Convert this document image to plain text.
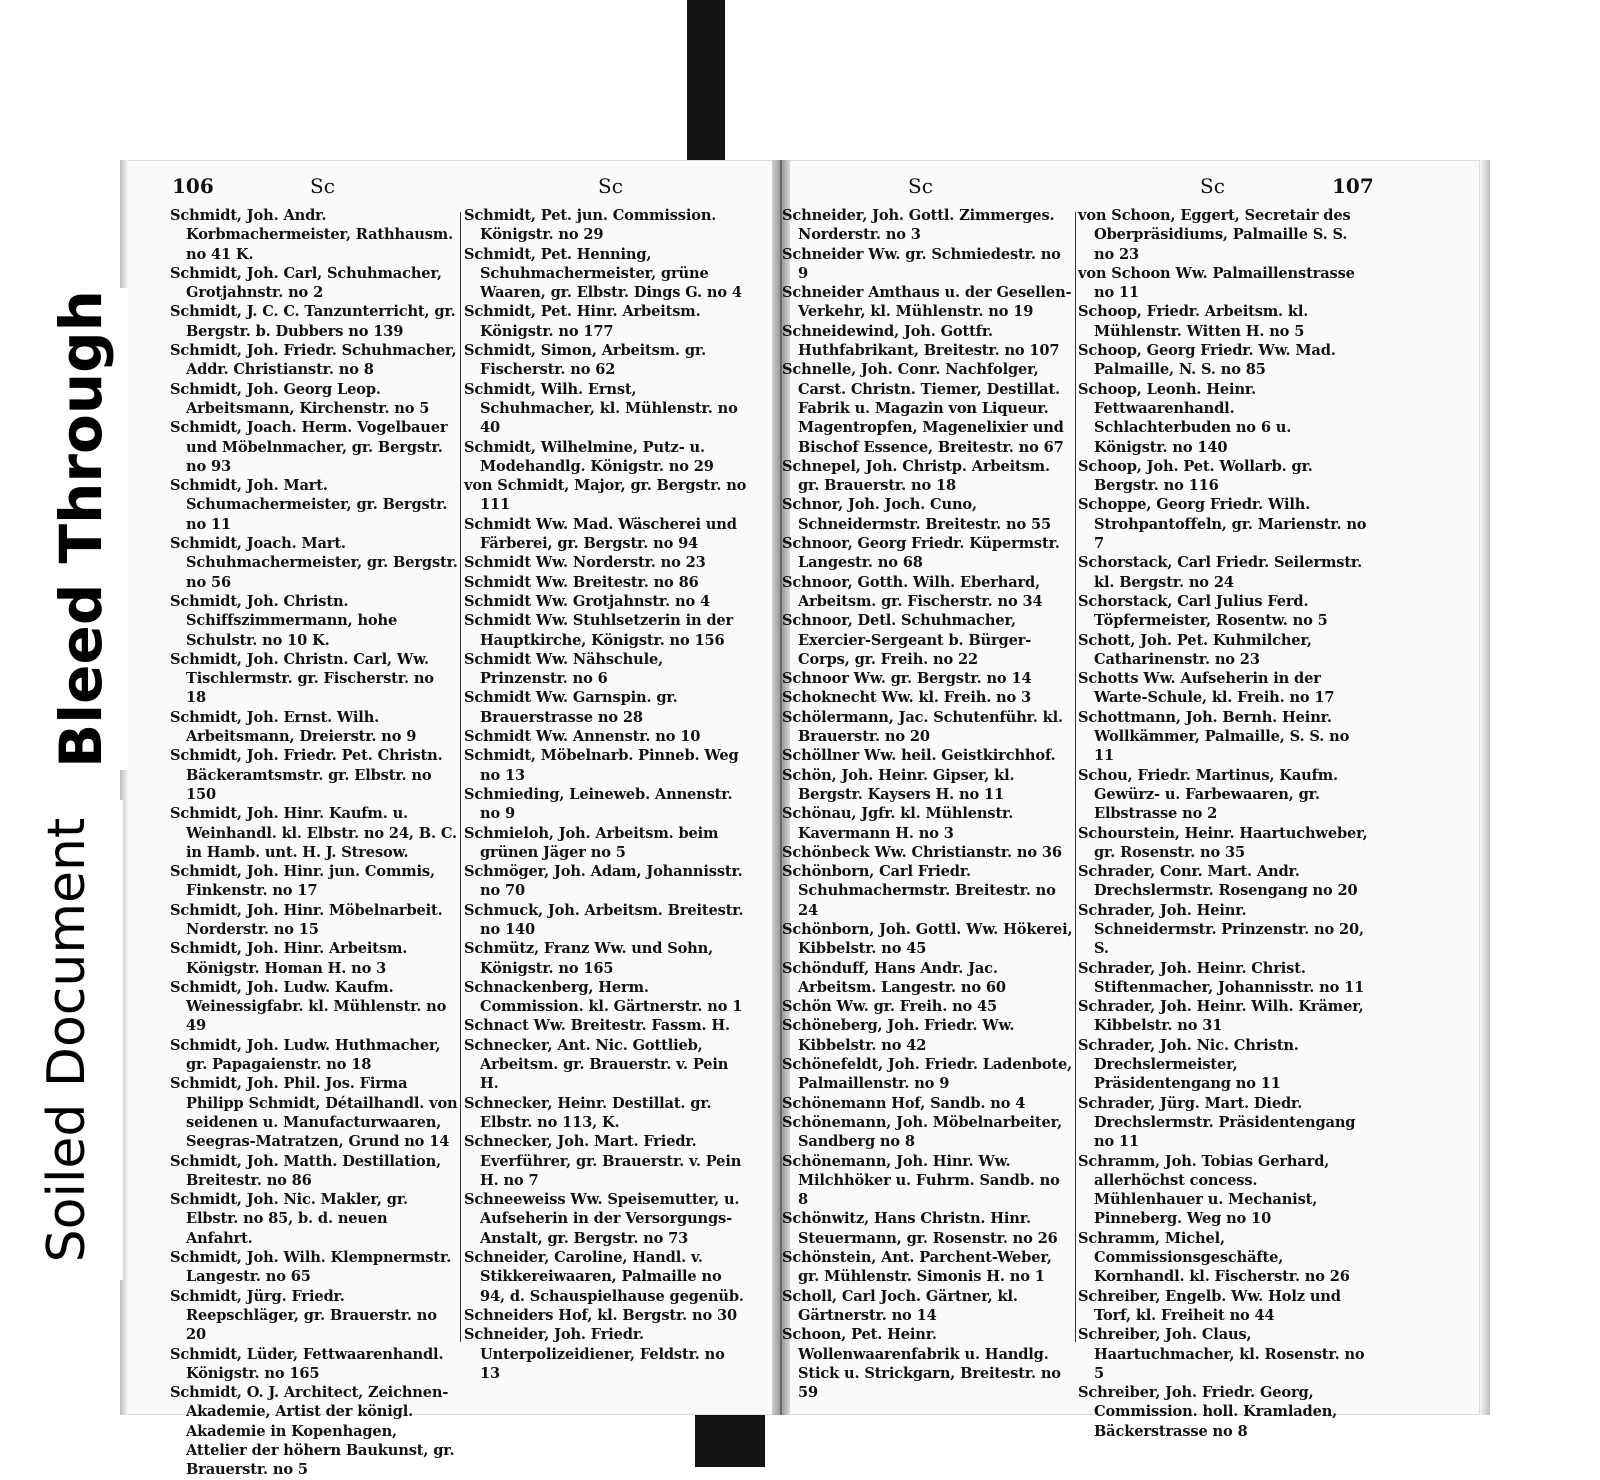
106	Sc	Sc
Schmidt, Joh. Andr. Korbmachermeister, Rathhausm. no 41 K.
Schmidt, Joh. Carl, Schuhmacher, Grotjahnstr. no 2
Schmidt, J. C. C. Tanzunterricht, gr. Bergstr. b. Dubbers no 139
Schmidt, Joh. Friedr. Schuhmacher, Addr. Christianstr. no 8
Schmidt, Joh. Georg Leop. Arbeitsmann, Kirchenstr. no 5
Schmidt, Joach. Herm. Vogelbauer und Möbelnmacher, gr. Bergstr. no 93
Schmidt, Joh. Mart. Schumachermeister, gr. Bergstr. no 11
Schmidt, Joach. Mart. Schuhmachermeister, gr. Bergstr. no 56
Schmidt, Joh. Christn. Schiffszimmermann, hohe Schulstr. no 10 K.
Schmidt, Joh. Christn. Carl, Ww. Tischlermstr. gr. Fischerstr. no 18
Schmidt, Joh. Ernst. Wilh. Arbeitsmann, Dreierstr. no 9
Schmidt, Joh. Friedr. Pet. Christn. Bäckeramtsmstr. gr. Elbstr. no 150
Schmidt, Joh. Hinr. Kaufm. u. Weinhandl. kl. Elbstr. no 24, B. C. in Hamb. unt. H. J. Stresow.
Schmidt, Joh. Hinr. jun. Commis, Finkenstr. no 17
Schmidt, Joh. Hinr. Möbelnarbeit. Norderstr. no 15
Schmidt, Joh. Hinr. Arbeitsm. Königstr. Homan H. no 3
Schmidt, Joh. Ludw. Kaufm. Weinessigfabr. kl. Mühlenstr. no 49
Schmidt, Joh. Ludw. Huthmacher, gr. Papagaienstr. no 18
Schmidt, Joh. Phil. Jos. Firma Philipp Schmidt, Détailhandl. von seidenen u. Manufacturwaaren, Seegras-Matratzen, Grund no 14
Schmidt, Joh. Matth. Destillation, Breitestr. no 86
Schmidt, Joh. Nic. Makler, gr. Elbstr. no 85, b. d. neuen Anfahrt.
Schmidt, Joh. Wilh. Klempnermstr. Langestr. no 65
Schmidt, Jürg. Friedr. Reepschläger, gr. Brauerstr. no 20
Schmidt, Lüder, Fettwaarenhandl. Königstr. no 165
Schmidt, O. J. Architect, Zeichnen-Akademie, Artist der königl. Akademie in Kopenhagen, Attelier der höhern Baukunst, gr. Brauerstr. no 5
Schmidt, Pet. jun. Commission. Königstr. no 29
Schmidt, Pet. Henning, Schuhmachermeister, grüne Waaren, gr. Elbstr. Dings G. no 4
Schmidt, Pet. Hinr. Arbeitsm. Königstr. no 177
Schmidt, Simon, Arbeitsm. gr. Fischerstr. no 62
Schmidt, Wilh. Ernst, Schuhmacher, kl. Mühlenstr. no 40
Schmidt, Wilhelmine, Putz- u. Modehandlg. Königstr. no 29
von Schmidt, Major, gr. Bergstr. no 111
Schmidt Ww. Mad. Wäscherei und Färberei, gr. Bergstr. no 94
Schmidt Ww. Norderstr. no 23
Schmidt Ww. Breitestr. no 86
Schmidt Ww. Grotjahnstr. no 4
Schmidt Ww. Stuhlsetzerin in der Hauptkirche, Königstr. no 156
Schmidt Ww. Nähschule, Prinzenstr. no 6
Schmidt Ww. Garnspin. gr. Brauerstrasse no 28
Schmidt Ww. Annenstr. no 10
Schmidt, Möbelnarb. Pinneb. Weg no 13
Schmieding, Leineweb. Annenstr. no 9
Schmieloh, Joh. Arbeitsm. beim grünen Jäger no 5
Schmöger, Joh. Adam, Johannisstr. no 70
Schmuck, Joh. Arbeitsm. Breitestr. no 140
Schmütz, Franz Ww. und Sohn, Königstr. no 165
Schnackenberg, Herm. Commission. kl. Gärtnerstr. no 1
Schnact Ww. Breitestr. Fassm. H.
Schnecker, Ant. Nic. Gottlieb, Arbeitsm. gr. Brauerstr. v. Pein H.
Schnecker, Heinr. Destillat. gr. Elbstr. no 113, K.
Schnecker, Joh. Mart. Friedr. Everführer, gr. Brauerstr. v. Pein H. no 7
Schneeweiss Ww. Speisemutter, u. Aufseherin in der Versorgungs-Anstalt, gr. Bergstr. no 73
Schneider, Caroline, Handl. v. Stikkereiwaaren, Palmaille no 94, d. Schauspielhause gegenüb.
Schneiders Hof, kl. Bergstr. no 30
Schneider, Joh. Friedr. Unterpolizeidiener, Feldstr. no 13
Sc	Sc	107
Schneider, Joh. Gottl. Zimmerges. Norderstr. no 3
Schneider Ww. gr. Schmiedestr. no 9
Schneider Amthaus u. der Gesellen-Verkehr, kl. Mühlenstr. no 19
Schneidewind, Joh. Gottfr. Huthfabrikant, Breitestr. no 107
Schnelle, Joh. Conr. Nachfolger, Carst. Christn. Tiemer, Destillat. Fabrik u. Magazin von Liqueur. Magentropfen, Magenelixier und Bischof Essence, Breitestr. no 67
Schnepel, Joh. Christp. Arbeitsm. gr. Brauerstr. no 18
Schnor, Joh. Joch. Cuno, Schneidermstr. Breitestr. no 55
Schnoor, Georg Friedr. Küpermstr. Langestr. no 68
Schnoor, Gotth. Wilh. Eberhard, Arbeitsm. gr. Fischerstr. no 34
Schnoor, Detl. Schuhmacher, Exercier-Sergeant b. Bürger-Corps, gr. Freih. no 22
Schnoor Ww. gr. Bergstr. no 14
Schoknecht Ww. kl. Freih. no 3
Schölermann, Jac. Schutenführ. kl. Brauerstr. no 20
Schöllner Ww. heil. Geistkirchhof.
Schön, Joh. Heinr. Gipser, kl. Bergstr. Kaysers H. no 11
Schönau, Jgfr. kl. Mühlenstr. Kavermann H. no 3
Schönbeck Ww. Christianstr. no 36
Schönborn, Carl Friedr. Schuhmachermstr. Breitestr. no 24
Schönborn, Joh. Gottl. Ww. Hökerei, Kibbelstr. no 45
Schönduff, Hans Andr. Jac. Arbeitsm. Langestr. no 60
Schön Ww. gr. Freih. no 45
Schöneberg, Joh. Friedr. Ww. Kibbelstr. no 42
Schönefeldt, Joh. Friedr. Ladenbote, Palmaillenstr. no 9
Schönemann Hof, Sandb. no 4
Schönemann, Joh. Möbelnarbeiter, Sandberg no 8
Schönemann, Joh. Hinr. Ww. Milchhöker u. Fuhrm. Sandb. no 8
Schönwitz, Hans Christn. Hinr. Steuermann, gr. Rosenstr. no 26
Schönstein, Ant. Parchent-Weber, gr. Mühlenstr. Simonis H. no 1
Scholl, Carl Joch. Gärtner, kl. Gärtnerstr. no 14
Schoon, Pet. Heinr. Wollenwaarenfabrik u. Handlg. Stick u. Strickgarn, Breitestr. no 59
von Schoon, Eggert, Secretair des Oberpräsidiums, Palmaille S. S. no 23
von Schoon Ww. Palmaillenstrasse no 11
Schoop, Friedr. Arbeitsm. kl. Mühlenstr. Witten H. no 5
Schoop, Georg Friedr. Ww. Mad. Palmaille, N. S. no 85
Schoop, Leonh. Heinr. Fettwaarenhandl. Schlachterbuden no 6 u. Königstr. no 140
Schoop, Joh. Pet. Wollarb. gr. Bergstr. no 116
Schoppe, Georg Friedr. Wilh. Strohpantoffeln, gr. Marienstr. no 7
Schorstack, Carl Friedr. Seilermstr. kl. Bergstr. no 24
Schorstack, Carl Julius Ferd. Töpfermeister, Rosentw. no 5
Schott, Joh. Pet. Kuhmilcher, Catharinenstr. no 23
Schotts Ww. Aufseherin in der Warte-Schule, kl. Freih. no 17
Schottmann, Joh. Bernh. Heinr. Wollkämmer, Palmaille, S. S. no 11
Schou, Friedr. Martinus, Kaufm. Gewürz- u. Farbewaaren, gr. Elbstrasse no 2
Schourstein, Heinr. Haartuchweber, gr. Rosenstr. no 35
Schrader, Conr. Mart. Andr. Drechslermstr. Rosengang no 20
Schrader, Joh. Heinr. Schneidermstr. Prinzenstr. no 20, S.
Schrader, Joh. Heinr. Christ. Stiftenmacher, Johannisstr. no 11
Schrader, Joh. Heinr. Wilh. Krämer, Kibbelstr. no 31
Schrader, Joh. Nic. Christn. Drechslermeister, Präsidentengang no 11
Schrader, Jürg. Mart. Diedr. Drechslermstr. Präsidentengang no 11
Schramm, Joh. Tobias Gerhard, allerhöchst concess. Mühlenhauer u. Mechanist, Pinneberg. Weg no 10
Schramm, Michel, Commissionsgeschäfte, Kornhandl. kl. Fischerstr. no 26
Schreiber, Engelb. Ww. Holz und Torf, kl. Freiheit no 44
Schreiber, Joh. Claus, Haartuchmacher, kl. Rosenstr. no 5
Schreiber, Joh. Friedr. Georg, Commission. holl. Kramladen, Bäckerstrasse no 8
Bleed Through
Soiled Document
